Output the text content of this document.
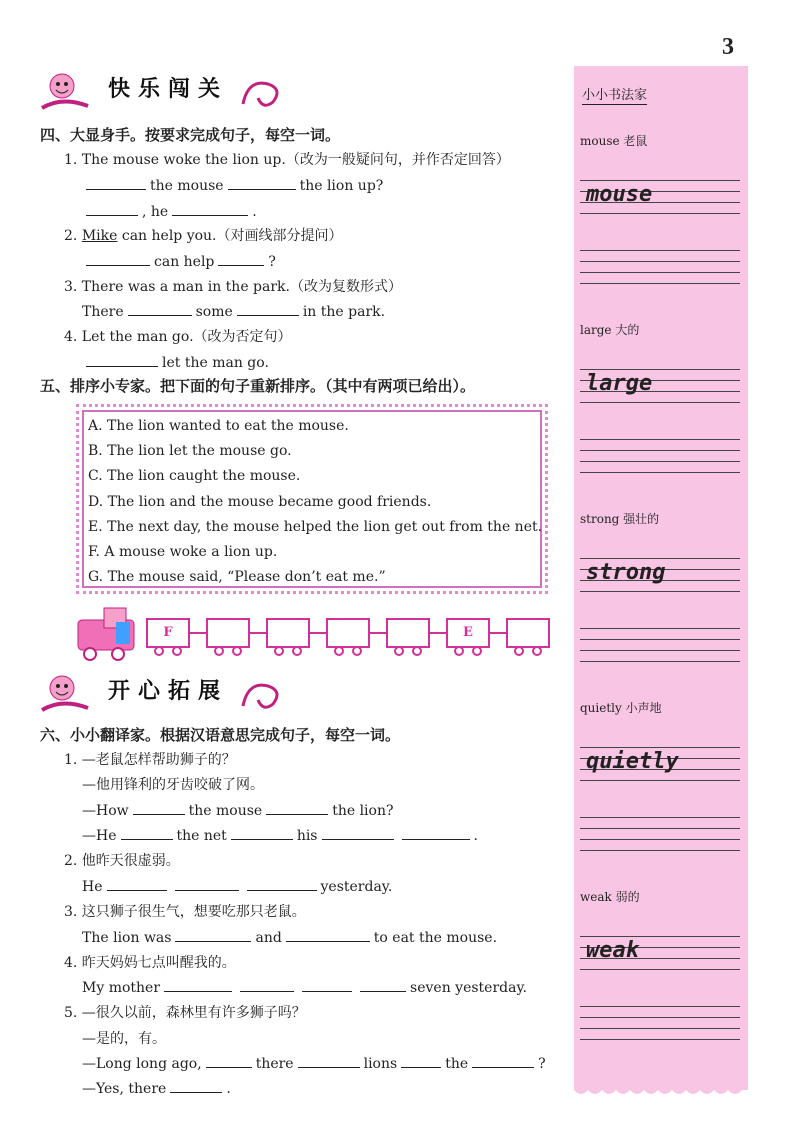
3
快乐闯关
四、大显身手。按要求完成句子，每空一词。
1. The mouse woke the lion up.（改为一般疑问句，并作否定回答）
the mouse	the lion up?
, he	.
2. Mike can help you.（对画线部分提问）
can help	?
3. There was a man in the park.（改为复数形式）
There	some	in the park.
4. Let the man go.（改为否定句）
let the man go.
五、排序小专家。把下面的句子重新排序。（其中有两项已给出）。
A. The lion wanted to eat the mouse.
B. The lion let the mouse go.
C. The lion caught the mouse.
D. The lion and the mouse became good friends.
E. The next day, the mouse helped the lion get out from the net.
F. A mouse woke a lion up.
G. The mouse said, “Please don’t eat me.”
F	E
开心拓展
六、小小翻译家。根据汉语意思完成句子，每空一词。
1. —老鼠怎样帮助狮子的？
—他用锋利的牙齿咬破了网。
—How	the mouse	the lion?
—He	the net	his	.
2. 他昨天很虚弱。
He	yesterday.
3. 这只狮子很生气，想要吃那只老鼠。
The lion was	and	to eat the mouse.
4. 昨天妈妈七点叫醒我的。
My mother	seven yesterday.
5. —很久以前，森林里有许多狮子吗？
—是的，有。
—Long long ago,	there	lions	the	?
—Yes, there	.
小小书法家
mouse 老鼠
mouse
large 大的
large
strong 强壮的
strong
quietly 小声地
quietly
weak 弱的
weak
